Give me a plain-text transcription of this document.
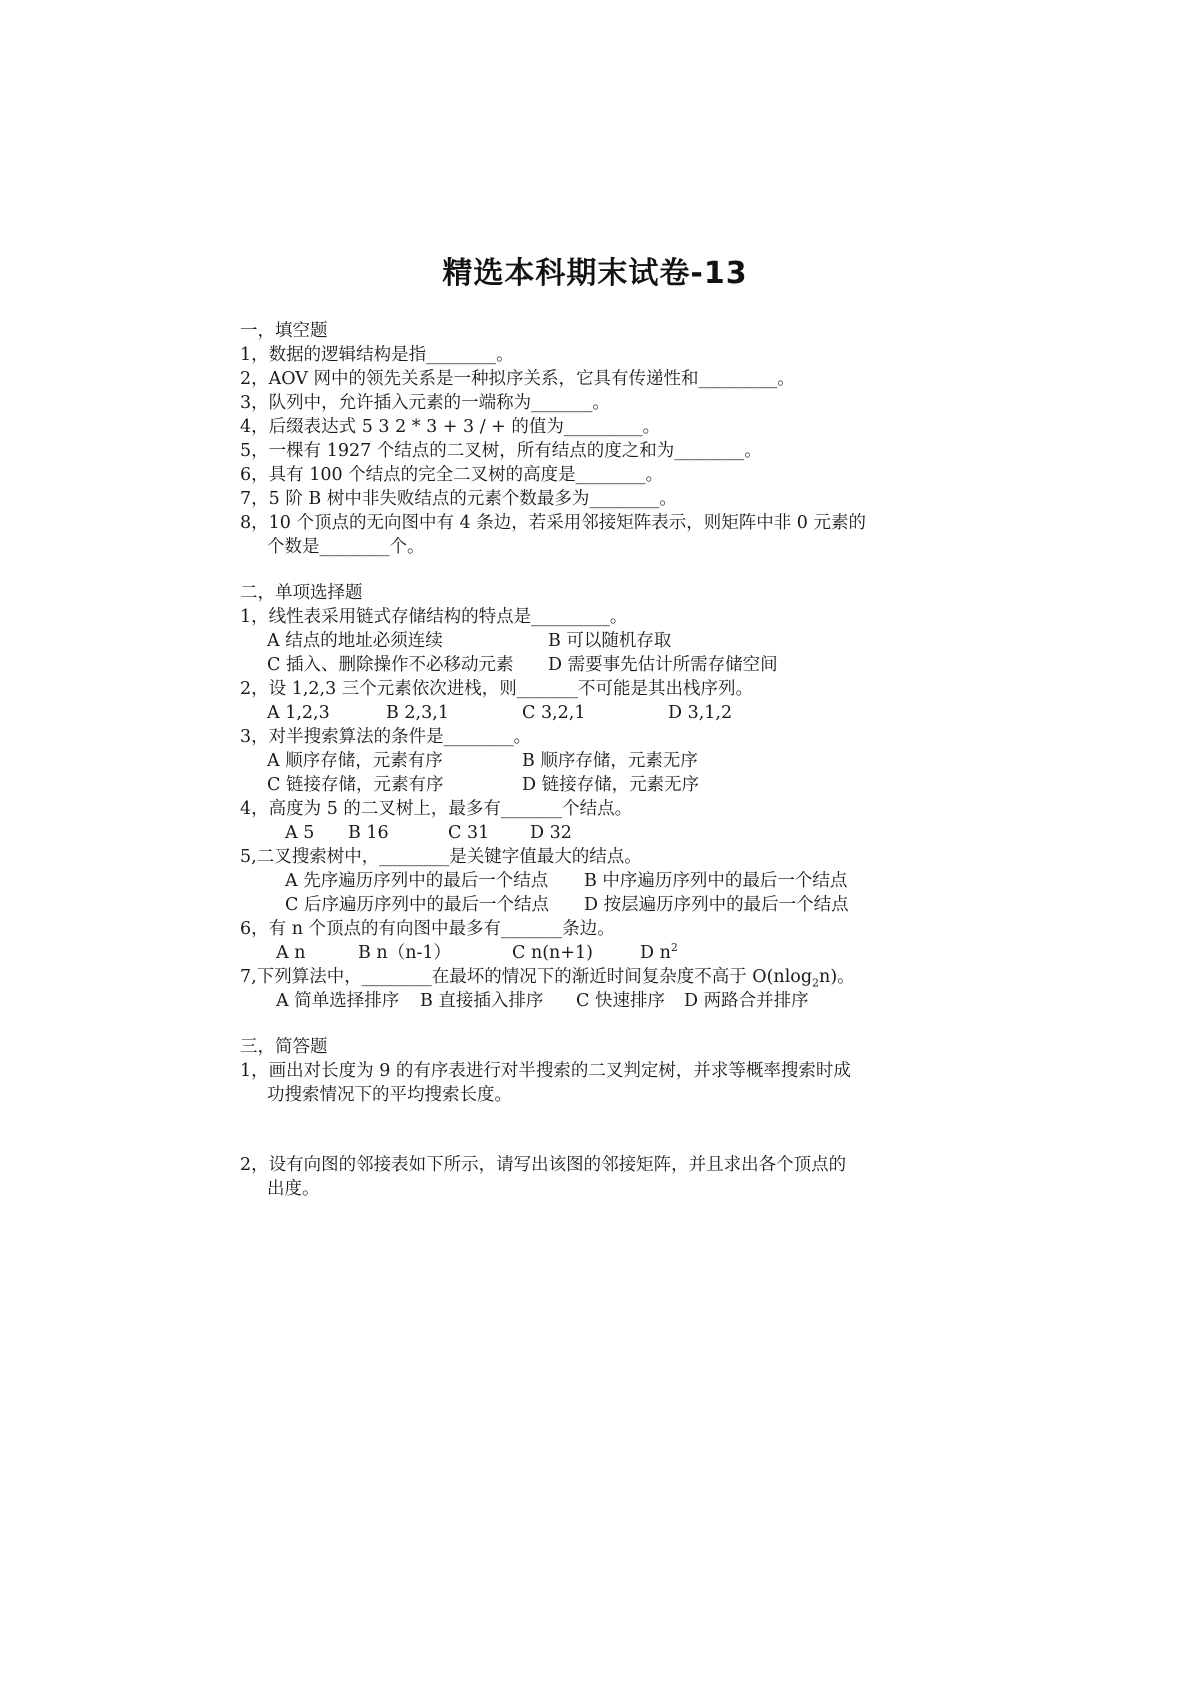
精选本科期末试卷-13
一，填空题
1，数据的逻辑结构是指________。
2，AOV 网中的领先关系是一种拟序关系，它具有传递性和_________。
3，队列中，允许插入元素的一端称为_______。
4，后缀表达式 5 3 2 * 3 + 3 / + 的值为_________。
5，一棵有 1927 个结点的二叉树，所有结点的度之和为________。
6，具有 100 个结点的完全二叉树的高度是________。
7，5 阶 B 树中非失败结点的元素个数最多为________。
8，10 个顶点的无向图中有 4 条边，若采用邻接矩阵表示，则矩阵中非 0 元素的
个数是________个。
二，单项选择题
1，线性表采用链式存储结构的特点是_________。
A 结点的地址必须连续	B 可以随机存取
C 插入、删除操作不必移动元素 D 需要事先估计所需存储空间
2，设 1,2,3 三个元素依次进栈，则_______不可能是其出栈序列。
A 1,2,3	B 2,3,1	C 3,2,1	D 3,1,2
3，对半搜索算法的条件是________。
A 顺序存储，元素有序	B 顺序存储，元素无序
C 链接存储，元素有序	D 链接存储，元素无序
4，高度为 5 的二叉树上，最多有_______个结点。
A 5 B 16	C 31 D 32
5,二叉搜索树中，________是关键字值最大的结点。
A 先序遍历序列中的最后一个结点 B 中序遍历序列中的最后一个结点
C 后序遍历序列中的最后一个结点 D 按层遍历序列中的最后一个结点
6，有 n 个顶点的有向图中最多有_______条边。
A n	B n（n-1）	C n(n+1)	D $n^2$
7,下列算法中，________在最坏的情况下的渐近时间复杂度不高于 O(nlog$_2$n)。
A 简单选择排序 B 直接插入排序 C 快速排序 D 两路合并排序
三，简答题
1，画出对长度为 9 的有序表进行对半搜索的二叉判定树，并求等概率搜索时成
功搜索情况下的平均搜索长度。
2，设有向图的邻接表如下所示，请写出该图的邻接矩阵，并且求出各个顶点的
出度。
